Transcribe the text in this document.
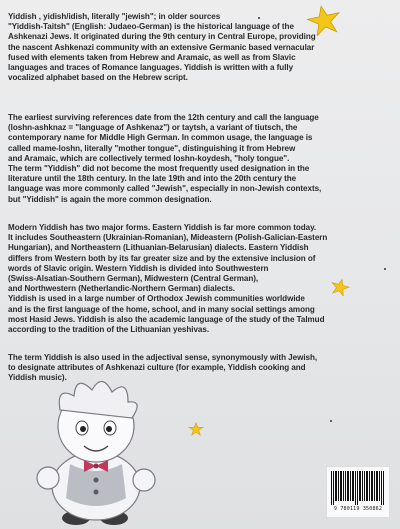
Yiddish , yidish/idish, literally "jewish"; in older sources
"Yiddish-Taitsh" (English: Judaeo-German) is the historical language of the
Ashkenazi Jews. It originated during the 9th century in Central Europe, providing
the nascent Ashkenazi community with an extensive Germanic based vernacular
fused with elements taken from Hebrew and Aramaic, as well as from Slavic
languages and traces of Romance languages. Yiddish is written with a fully
vocalized alphabet based on the Hebrew script.

The earliest surviving references date from the 12th century and call the language
(loshn-ashknaz = "language of Ashkenaz") or taytsh, a variant of tiutsch, the
contemporary name for Middle High German. In common usage, the language is
called mame-loshn, literally "mother tongue", distinguishing it from Hebrew
and Aramaic, which are collectively termed loshn-koydesh, "holy tongue".
The term "Yiddish" did not become the most frequently used designation in the
literature until the 18th century. In the late 19th and into the 20th century the
language was more commonly called "Jewish", especially in non-Jewish contexts,
but "Yiddish" is again the more common designation.

Modern Yiddish has two major forms. Eastern Yiddish is far more common today.
It includes Southeastern (Ukrainian-Romanian), Mideastern (Polish-Galician-Eastern
Hungarian), and Northeastern (Lithuanian-Belarusian) dialects. Eastern Yiddish
differs from Western both by its far greater size and by the extensive inclusion of
words of Slavic origin. Western Yiddish is divided into Southwestern
(Swiss-Alsatian-Southern German), Midwestern (Central German),
and Northwestern (Netherlandic-Northern German) dialects.
Yiddish is used in a large number of Orthodox Jewish communities worldwide
and is the first language of the home, school, and in many social settings among
most Hasid Jews. Yiddish is also the academic language of the study of the Talmud
according to the tradition of the Lithuanian yeshivas.

The term Yiddish is also used in the adjectival sense, synonymously with Jewish,
to designate attributes of Ashkenazi culture (for example, Yiddish cooking and
Yiddish music).

9 780119 350862
